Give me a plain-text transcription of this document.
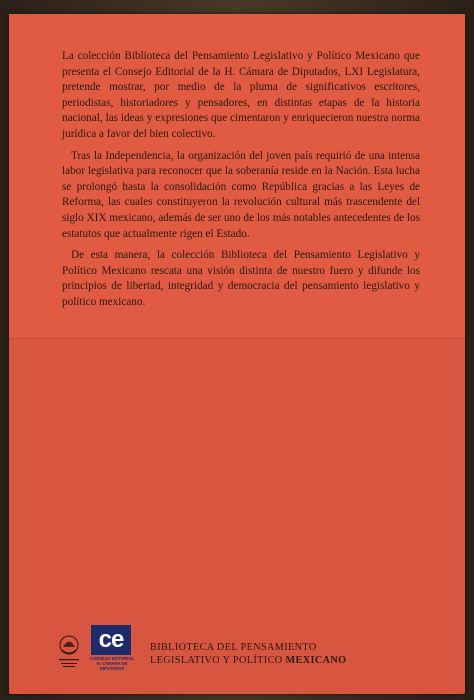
La colección Biblioteca del Pensamiento Legislativo y Político Mexicano que presenta el Consejo Editorial de la H. Cámara de Diputados, LXI Legislatura, pretende mostrar, por medio de la pluma de significativos escritores, periodistas, historiadores y pensadores, en distintas etapas de la historia nacional, las ideas y expresiones que cimentaron y enriquecieron nuestra norma jurídica a favor del bien colectivo.

Tras la Independencia, la organización del joven país requirió de una intensa labor legislativa para reconocer que la soberanía reside en la Nación. Esta lucha se prolongó hasta la consolidación como República gracias a las Leyes de Reforma, las cuales constituyeron la revolución cultural más trascendente del siglo XIX mexicano, además de ser uno de los más notables antecedentes de los estatutos que actualmente rigen el Estado.

De esta manera, la colección Biblioteca del Pensamiento Legislativo y Político Mexicano rescata una visión distinta de nuestro fuero y difunde los principios de libertad, integridad y democracia del pensamiento legislativo y político mexicano.

ce
CONSEJO EDITORIAL H. CÁMARA DE DIPUTADOS
BIBLIOTECA DEL PENSAMIENTO
LEGISLATIVO Y POLÍTICO MEXICANO
